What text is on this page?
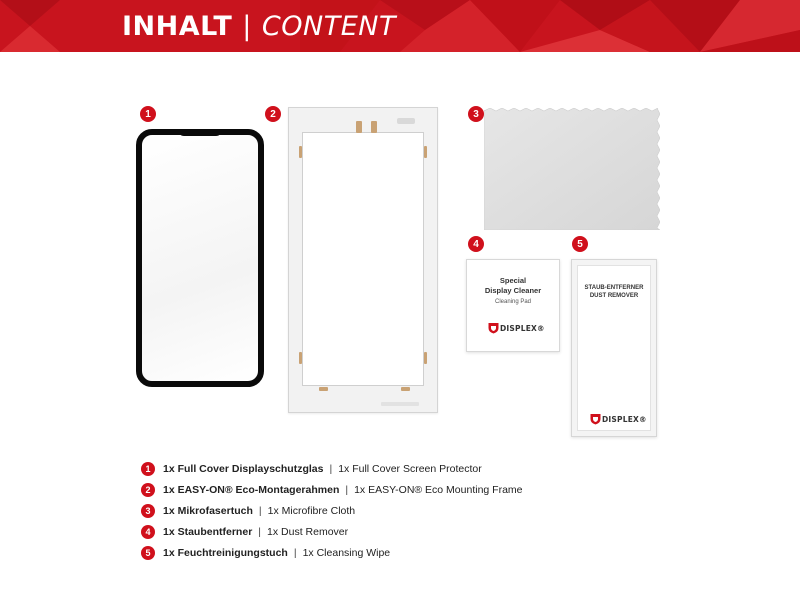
INHALT | CONTENT
1	2	3
4
Special
Display Cleaner
Cleaning Pad
DISPLEX®
5
STAUB-ENTFERNER
DUST REMOVER
DISPLEX®
1	1x Full Cover Displayschutzglas | 1x Full Cover Screen Protector
2	1x EASY-ON® Eco-Montagerahmen | 1x EASY-ON® Eco Mounting Frame
3	1x Mikrofasertuch | 1x Microfibre Cloth
4	1x Staubentferner | 1x Dust Remover
5	1x Feuchtreinigungstuch | 1x Cleansing Wipe
